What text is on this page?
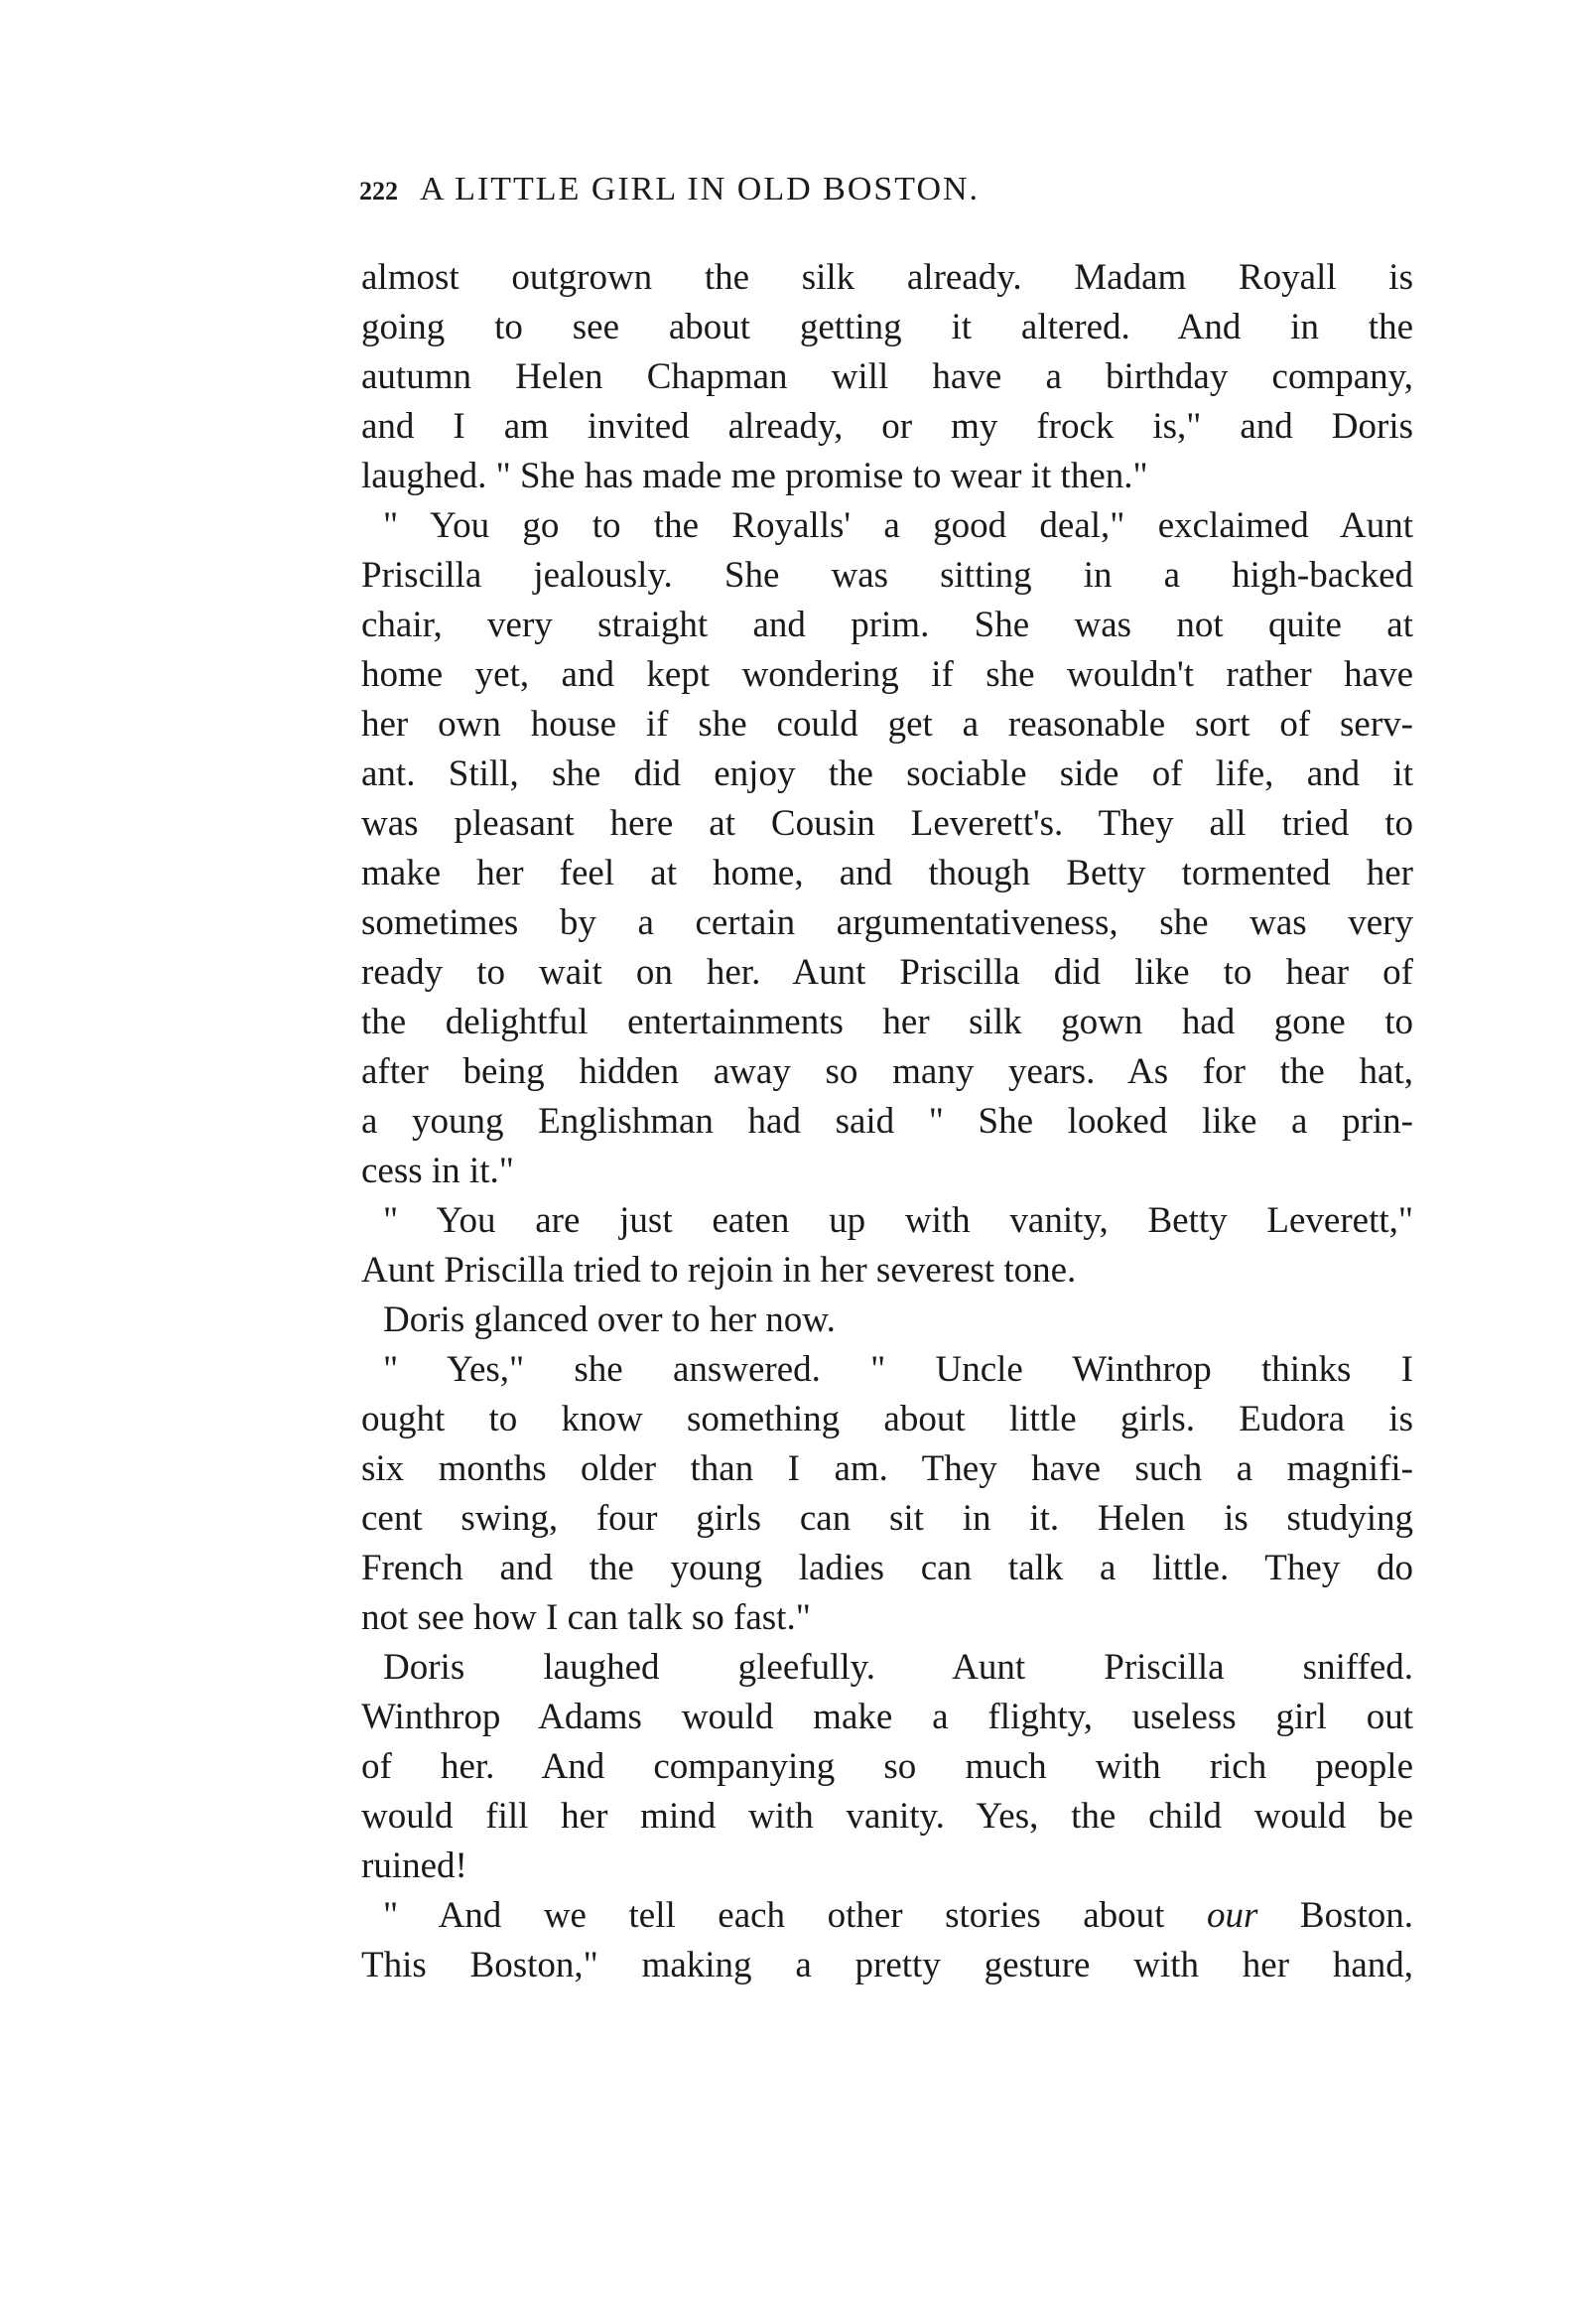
222 A LITTLE GIRL IN OLD BOSTON.
almost outgrown the silk already. Madam Royall is
going to see about getting it altered. And in the
autumn Helen Chapman will have a birthday company,
and I am invited already, or my frock is," and Doris
laughed. " She has made me promise to wear it then."
" You go to the Royalls' a good deal," exclaimed Aunt
Priscilla jealously. She was sitting in a high-backed
chair, very straight and prim. She was not quite at
home yet, and kept wondering if she wouldn't rather have
her own house if she could get a reasonable sort of serv-
ant. Still, she did enjoy the sociable side of life, and it
was pleasant here at Cousin Leverett's. They all tried to
make her feel at home, and though Betty tormented her
sometimes by a certain argumentativeness, she was very
ready to wait on her. Aunt Priscilla did like to hear of
the delightful entertainments her silk gown had gone to
after being hidden away so many years. As for the hat,
a young Englishman had said " She looked like a prin-
cess in it."
" You are just eaten up with vanity, Betty Leverett,"
Aunt Priscilla tried to rejoin in her severest tone.
Doris glanced over to her now.
" Yes," she answered. " Uncle Winthrop thinks I
ought to know something about little girls. Eudora is
six months older than I am. They have such a magnifi-
cent swing, four girls can sit in it. Helen is studying
French and the young ladies can talk a little. They do
not see how I can talk so fast."
Doris laughed gleefully. Aunt Priscilla sniffed.
Winthrop Adams would make a flighty, useless girl out
of her. And companying so much with rich people
would fill her mind with vanity. Yes, the child would be
ruined!
" And we tell each other stories about our Boston.
This Boston," making a pretty gesture with her hand,
